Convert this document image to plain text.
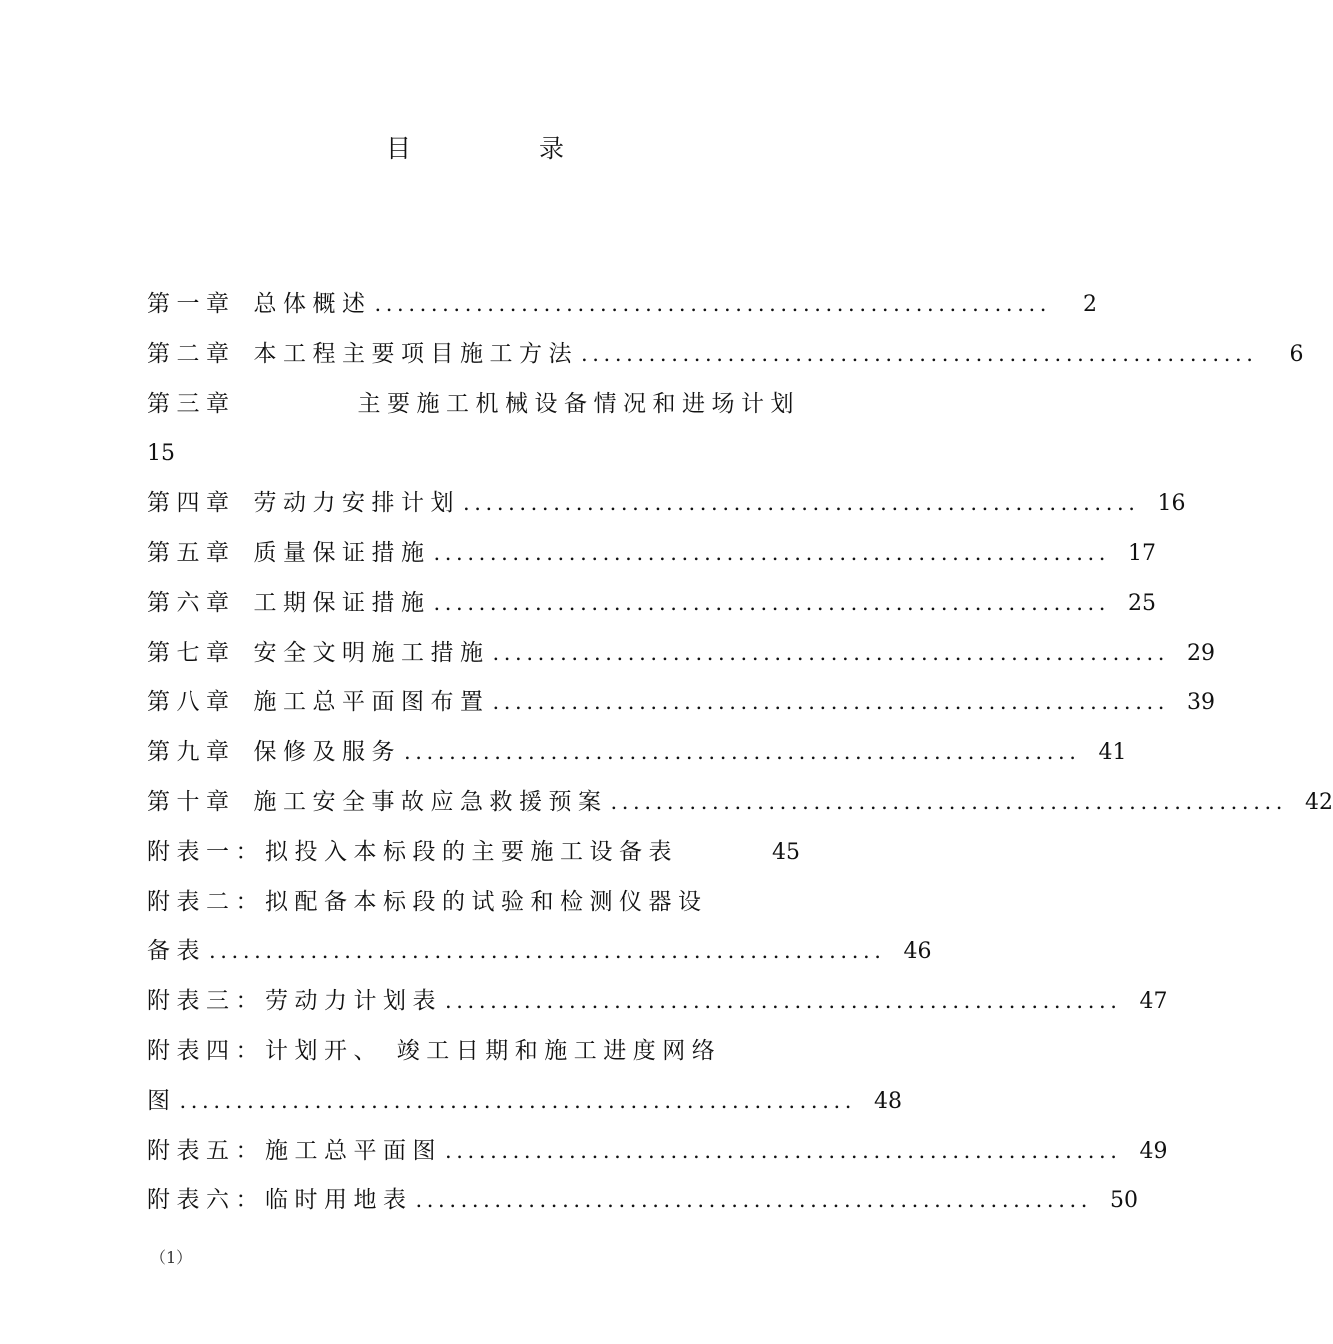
目 录
第一章 总体概述 ............................................................	2
第二章 本工程主要项目施工方法 ............................................................	6
第三章	主要施工机械设备情况和进场计划
15
第四章 劳动力安排计划 ............................................................ 16
第五章 质量保证措施 ............................................................ 17
第六章 工期保证措施 ............................................................ 25
第七章 安全文明施工措施 ............................................................ 29
第八章 施工总平面图布置 ............................................................ 39
第九章 保修及服务 ............................................................ 41
第十章 施工安全事故应急救援预案 ............................................................ 42
附表一：拟投入本标段的主要施工设备表	45
附表二：拟配备本标段的试验和检测仪器设
备表 ............................................................ 46
附表三：劳动力计划表 ............................................................ 47
附表四：计划开、 竣工日期和施工进度网络
图 ............................................................ 48
附表五：施工总平面图 ............................................................ 49
附表六：临时用地表 ............................................................ 50
（1）
